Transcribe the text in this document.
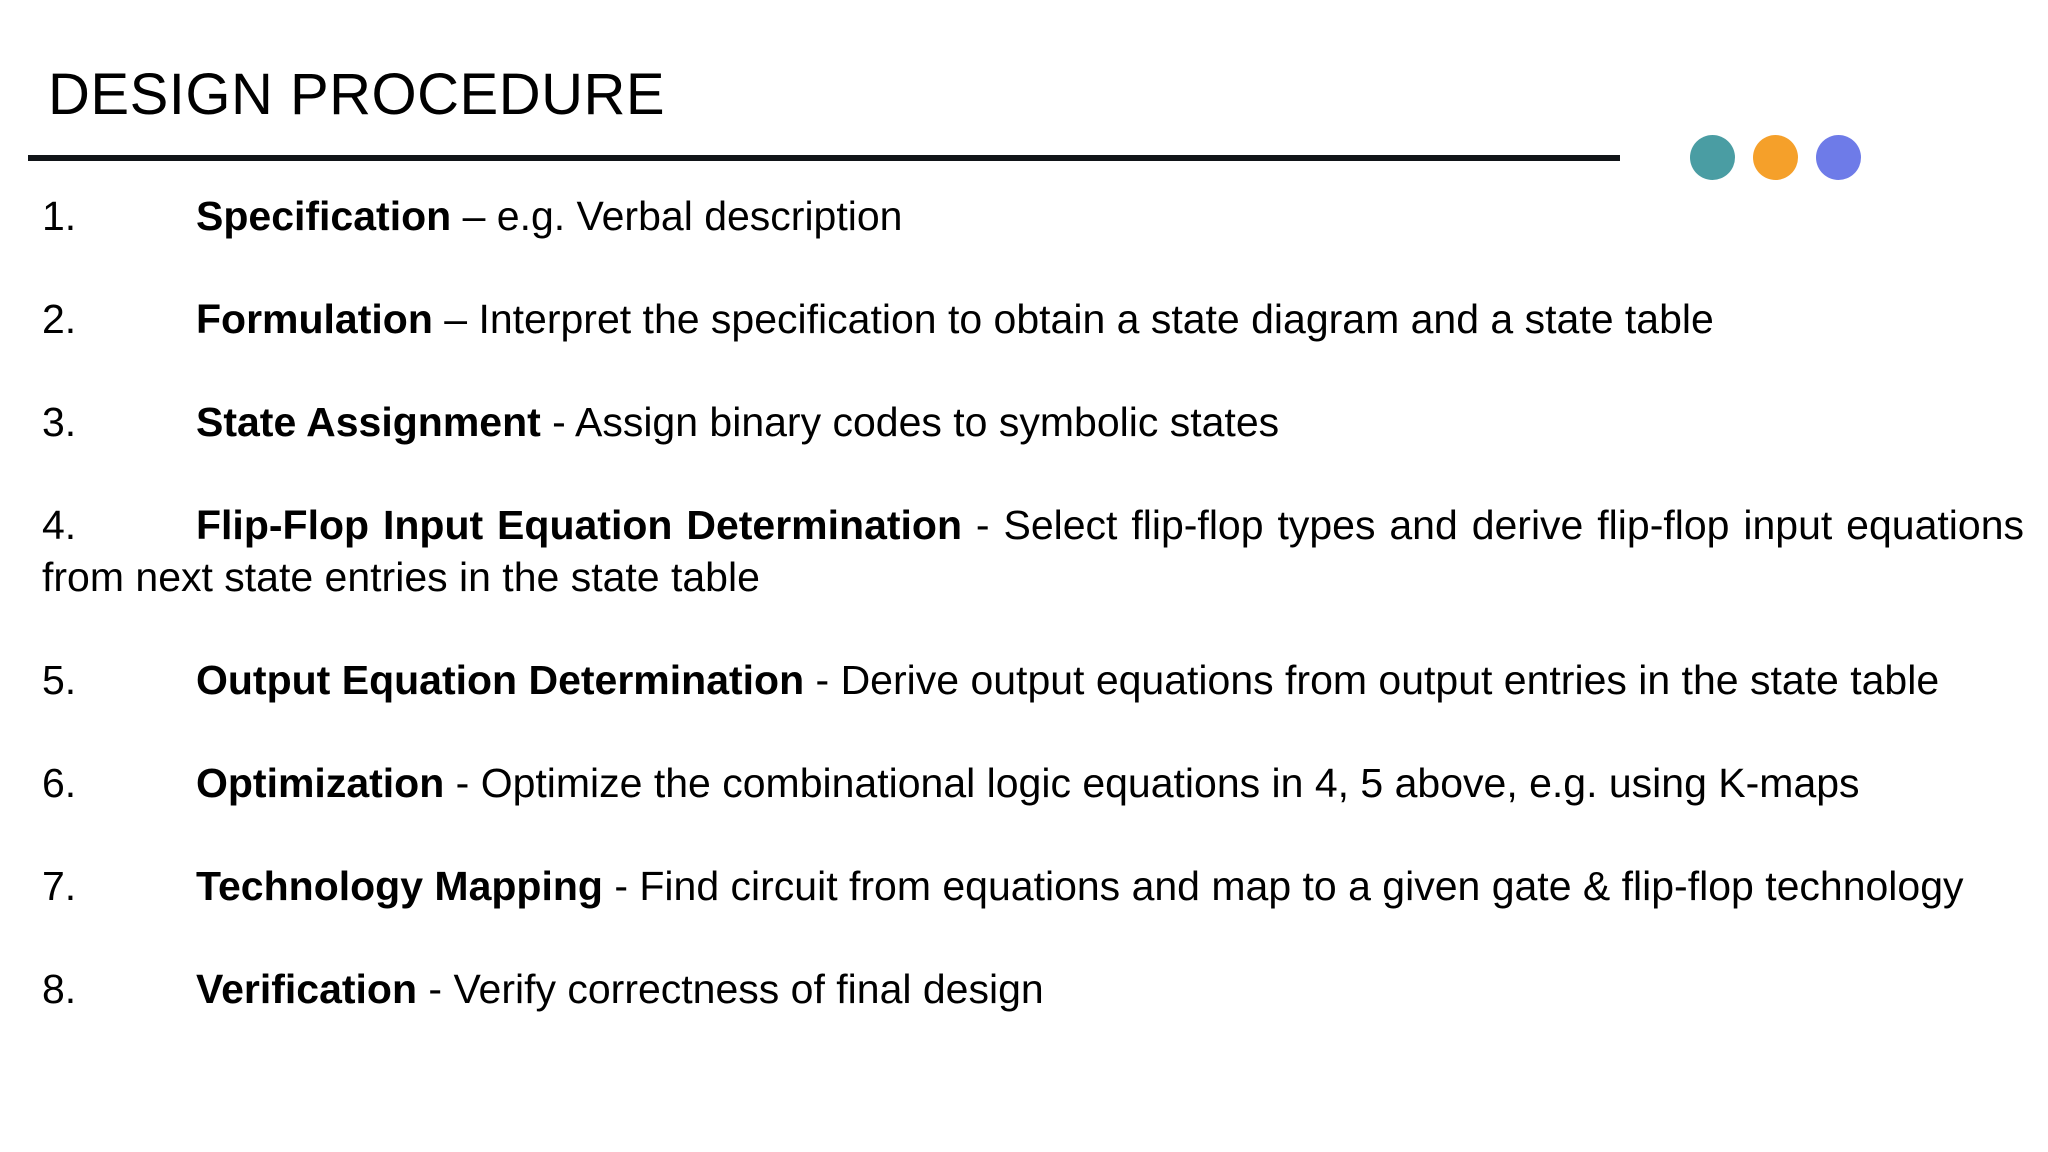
DESIGN PROCEDURE
1.	Specification – e.g. Verbal description
2.	Formulation – Interpret the specification to obtain a state diagram and a state table
3.	State Assignment - Assign binary codes to symbolic states
4.	Flip-Flop Input Equation Determination - Select flip-flop types and derive flip-flop input equations from next state entries in the state table
5.	Output Equation Determination - Derive output equations from output entries in the state table
6.	Optimization - Optimize the combinational logic equations in 4, 5 above, e.g. using K-maps
7.	Technology Mapping - Find circuit from equations and map to a given gate & flip-flop technology
8.	Verification - Verify correctness of final design
